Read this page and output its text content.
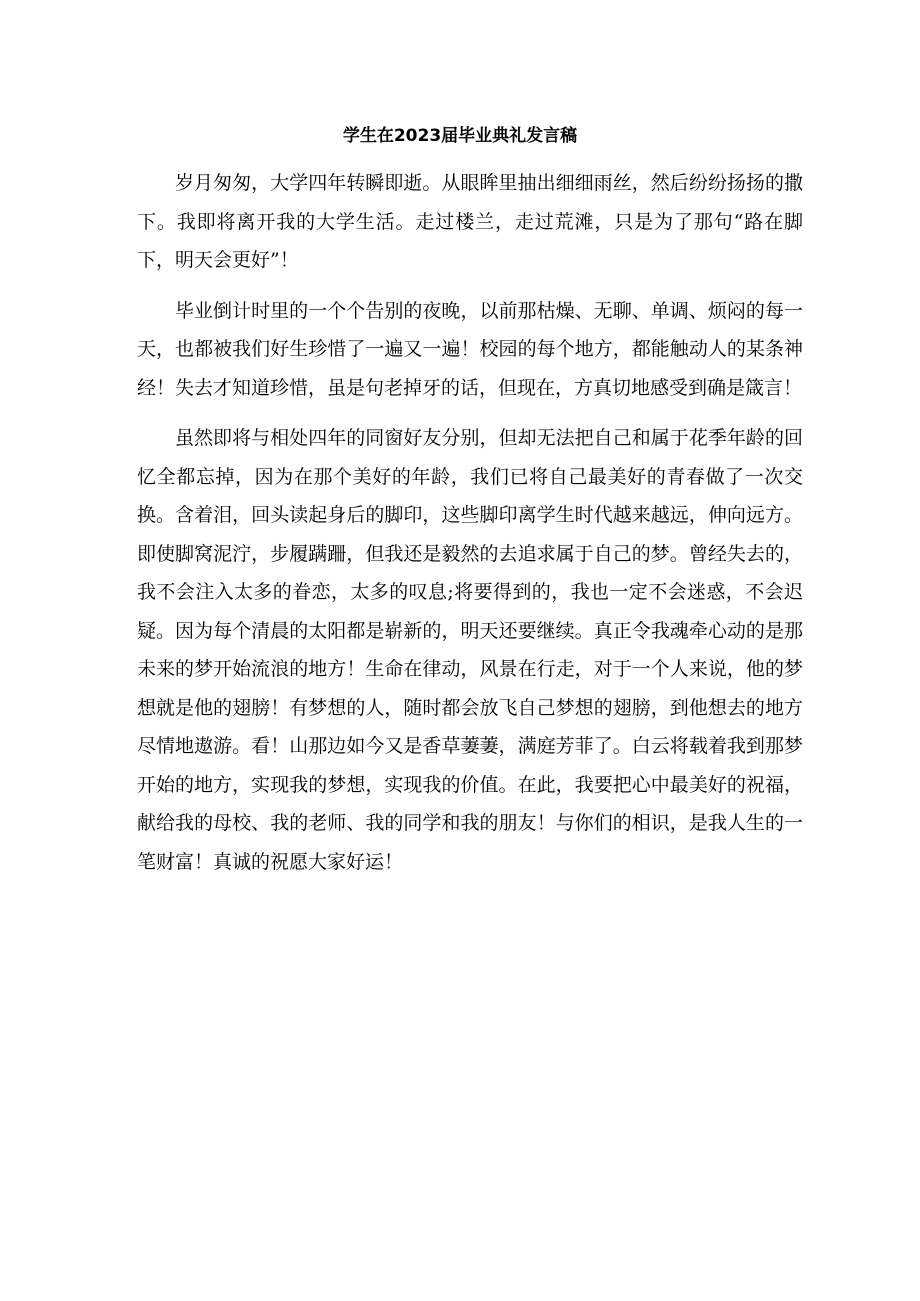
学生在2023届毕业典礼发言稿

岁月匆匆，大学四年转瞬即逝。从眼眸里抽出细细雨丝，然后纷纷扬扬的撒下。我即将离开我的大学生活。走过楼兰，走过荒滩，只是为了那句“路在脚下，明天会更好”！

毕业倒计时里的一个个告别的夜晚，以前那枯燥、无聊、单调、烦闷的每一天，也都被我们好生珍惜了一遍又一遍！校园的每个地方，都能触动人的某条神经！失去才知道珍惜，虽是句老掉牙的话，但现在，方真切地感受到确是箴言！

虽然即将与相处四年的同窗好友分别，但却无法把自己和属于花季年龄的回忆全都忘掉，因为在那个美好的年龄，我们已将自己最美好的青春做了一次交换。含着泪，回头读起身后的脚印，这些脚印离学生时代越来越远，伸向远方。即使脚窝泥泞，步履蹒跚，但我还是毅然的去追求属于自己的梦。曾经失去的，我不会注入太多的眷恋，太多的叹息;将要得到的，我也一定不会迷惑，不会迟疑。因为每个清晨的太阳都是崭新的，明天还要继续。真正令我魂牵心动的是那未来的梦开始流浪的地方！生命在律动，风景在行走，对于一个人来说，他的梦想就是他的翅膀！有梦想的人，随时都会放飞自己梦想的翅膀，到他想去的地方尽情地遨游。看！山那边如今又是香草萋萋，满庭芳菲了。白云将载着我到那梦开始的地方，实现我的梦想，实现我的价值。在此，我要把心中最美好的祝福，献给我的母校、我的老师、我的同学和我的朋友！与你们的相识，是我人生的一笔财富！真诚的祝愿大家好运！
